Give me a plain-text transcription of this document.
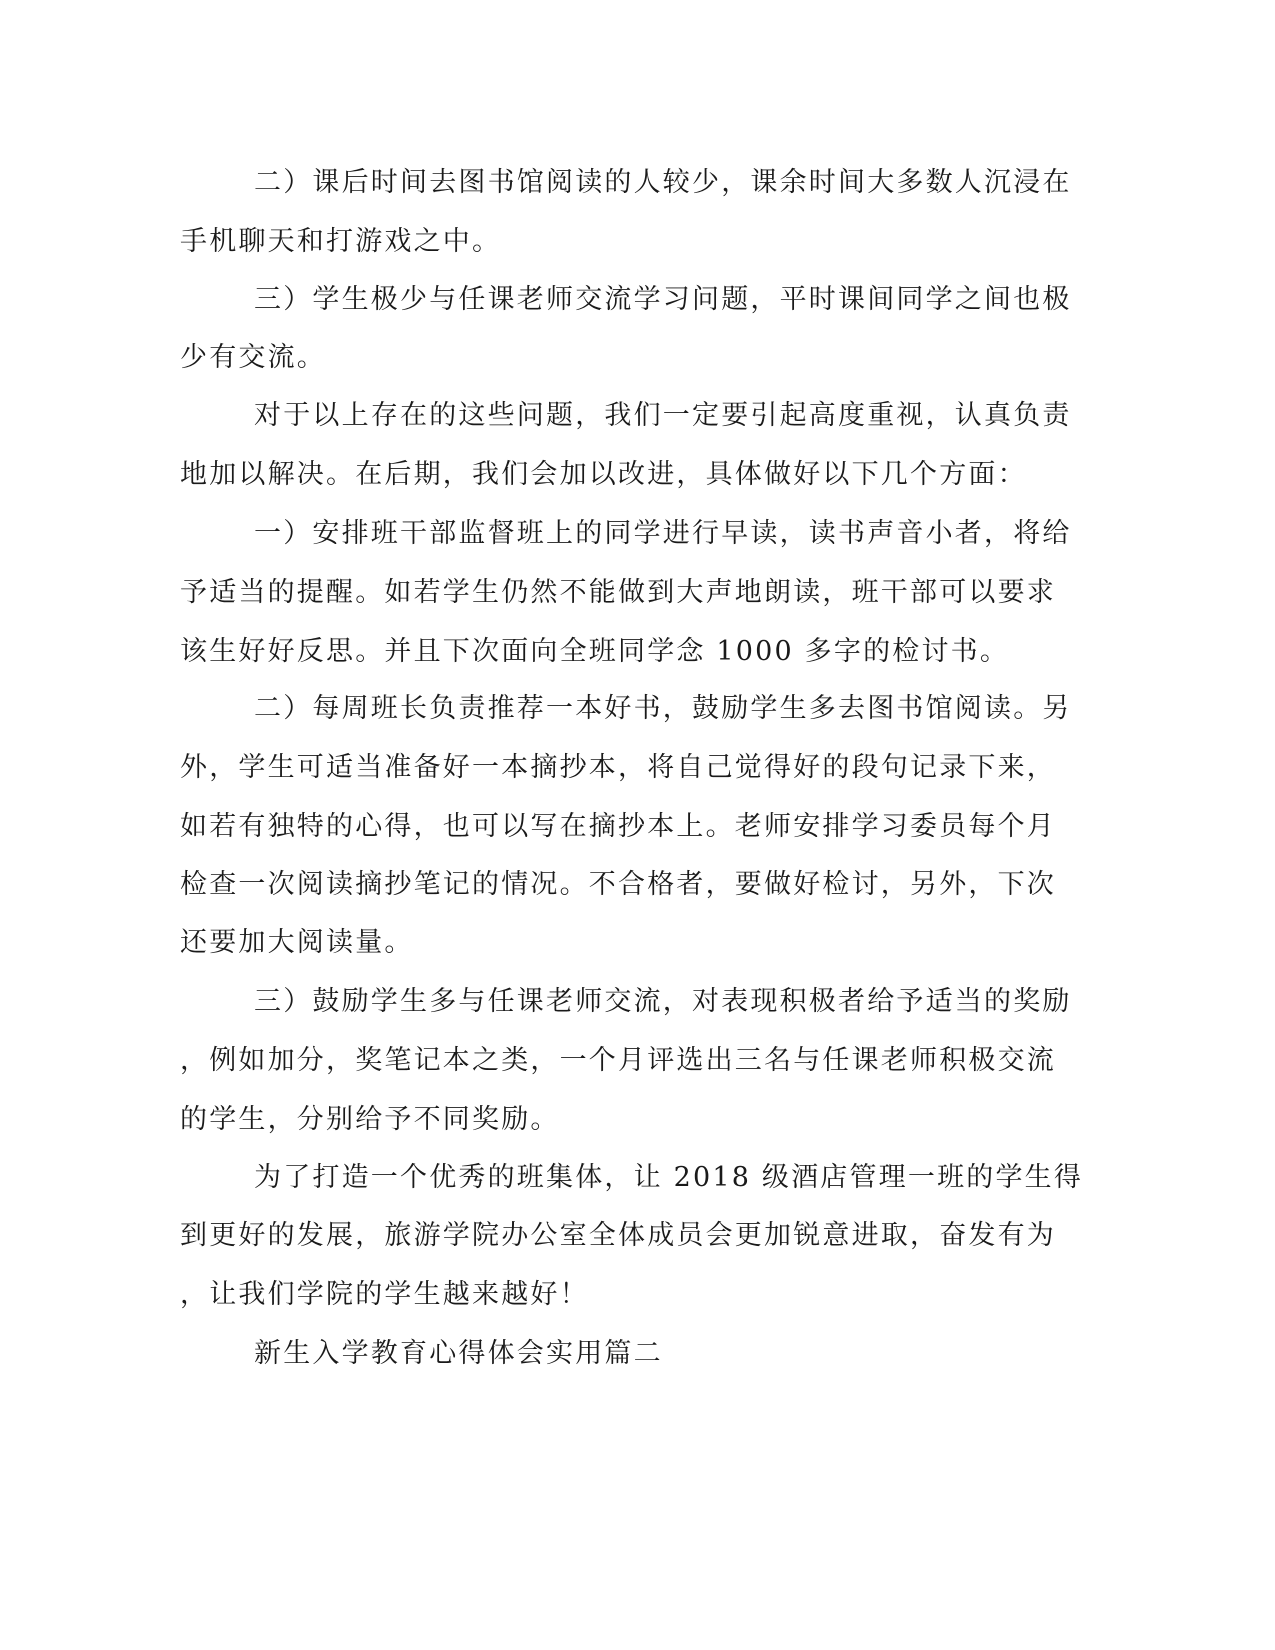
二）课后时间去图书馆阅读的人较少，课余时间大多数人沉浸在
手机聊天和打游戏之中。
三）学生极少与任课老师交流学习问题，平时课间同学之间也极
少有交流。
对于以上存在的这些问题，我们一定要引起高度重视，认真负责
地加以解决。在后期，我们会加以改进，具体做好以下几个方面：
一）安排班干部监督班上的同学进行早读，读书声音小者，将给
予适当的提醒。如若学生仍然不能做到大声地朗读，班干部可以要求
该生好好反思。并且下次面向全班同学念 1000 多字的检讨书。
二）每周班长负责推荐一本好书，鼓励学生多去图书馆阅读。另
外，学生可适当准备好一本摘抄本，将自己觉得好的段句记录下来，
如若有独特的心得，也可以写在摘抄本上。老师安排学习委员每个月
检查一次阅读摘抄笔记的情况。不合格者，要做好检讨，另外，下次
还要加大阅读量。
三）鼓励学生多与任课老师交流，对表现积极者给予适当的奖励
，例如加分，奖笔记本之类，一个月评选出三名与任课老师积极交流
的学生，分别给予不同奖励。
为了打造一个优秀的班集体，让 2018 级酒店管理一班的学生得
到更好的发展，旅游学院办公室全体成员会更加锐意进取，奋发有为
，让我们学院的学生越来越好！
新生入学教育心得体会实用篇二
